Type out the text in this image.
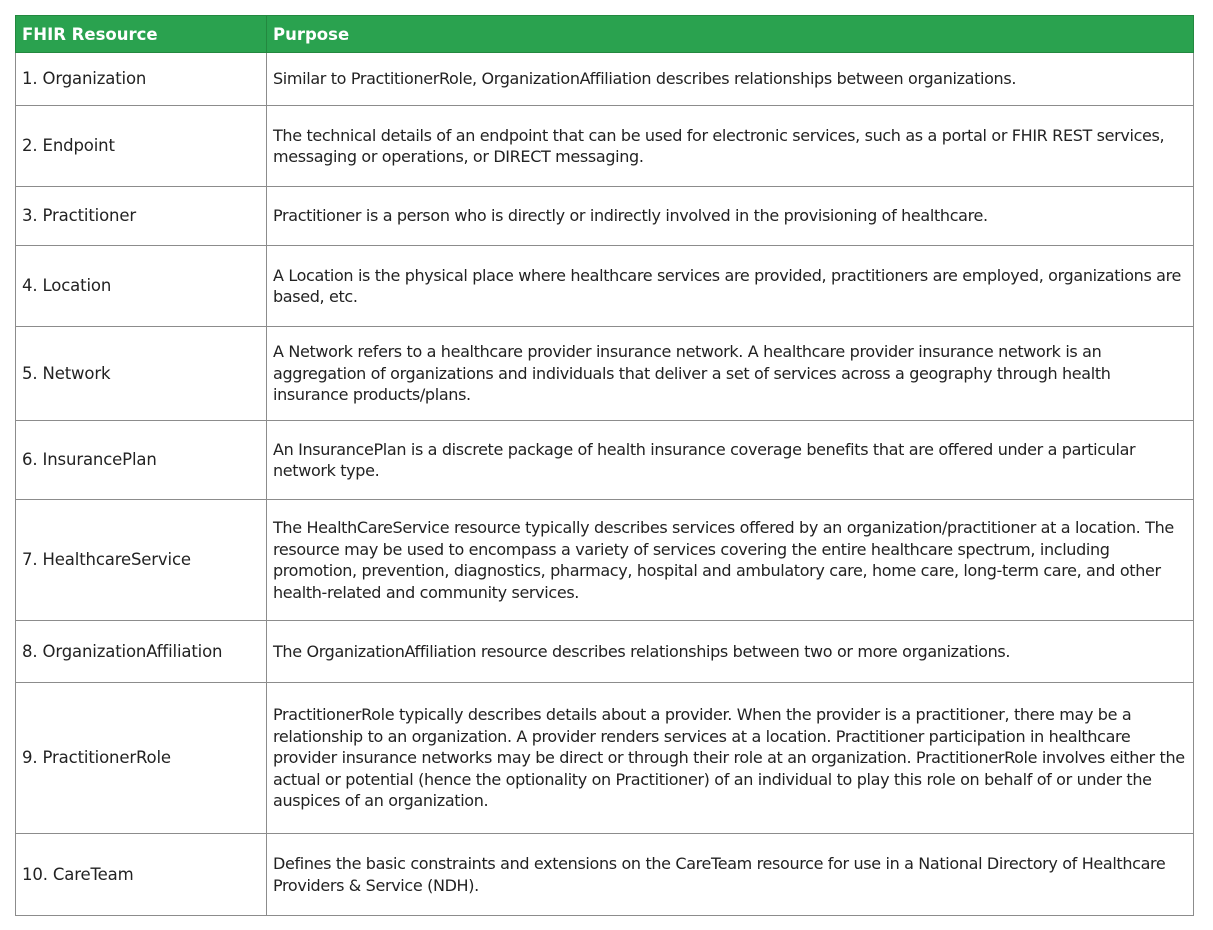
FHIR Resource	Purpose
1. Organization	Similar to PractitionerRole, OrganizationAffiliation describes relationships between organizations.
2. Endpoint	The technical details of an endpoint that can be used for electronic services, such as a portal or FHIR REST services, messaging or operations, or DIRECT messaging.
3. Practitioner	Practitioner is a person who is directly or indirectly involved in the provisioning of healthcare.
4. Location	A Location is the physical place where healthcare services are provided, practitioners are employed, organizations are based, etc.
5. Network	A Network refers to a healthcare provider insurance network. A healthcare provider insurance network is an aggregation of organizations and individuals that deliver a set of services across a geography through health insurance products/plans.
6. InsurancePlan	An InsurancePlan is a discrete package of health insurance coverage benefits that are offered under a particular network type.
7. HealthcareService	The HealthCareService resource typically describes services offered by an organization/practitioner at a location. The resource may be used to encompass a variety of services covering the entire healthcare spectrum, including promotion, prevention, diagnostics, pharmacy, hospital and ambulatory care, home care, long-term care, and other health-related and community services.
8. OrganizationAffiliation	The OrganizationAffiliation resource describes relationships between two or more organizations.
9. PractitionerRole	PractitionerRole typically describes details about a provider. When the provider is a practitioner, there may be a relationship to an organization. A provider renders services at a location. Practitioner participation in healthcare provider insurance networks may be direct or through their role at an organization. PractitionerRole involves either the actual or potential (hence the optionality on Practitioner) of an individual to play this role on behalf of or under the auspices of an organization.
10. CareTeam	Defines the basic constraints and extensions on the CareTeam resource for use in a National Directory of Healthcare Providers & Service (NDH).
